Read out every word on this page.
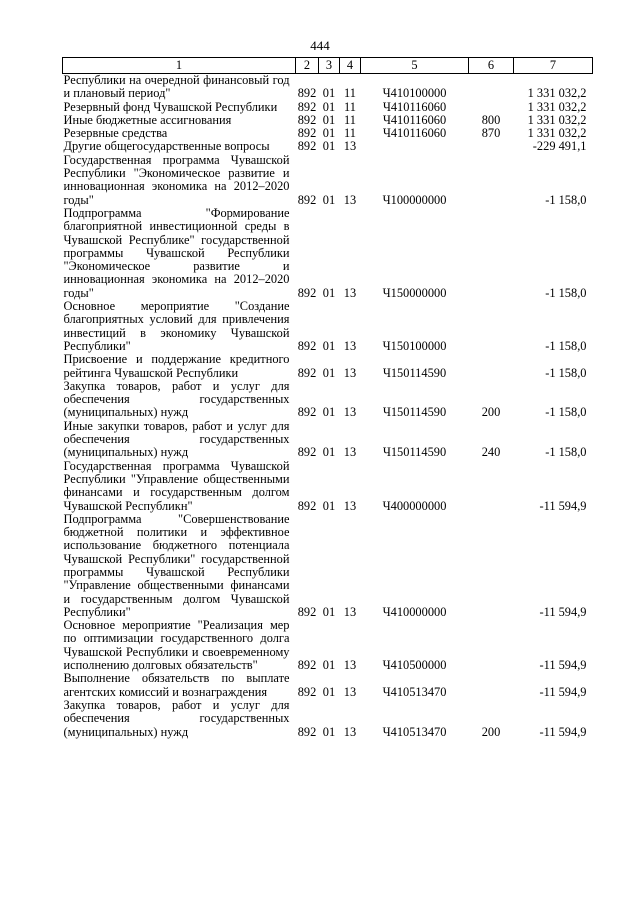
444
1	2	3	4	5	6	7
Республики на очередной финансовый год и плановый период"	892	01	11	Ч410100000		1 331 032,2
Резервный фонд Чувашской Республики	892	01	11	Ч410116060		1 331 032,2
Иные бюджетные ассигнования	892	01	11	Ч410116060	800	1 331 032,2
Резервные средства	892	01	11	Ч410116060	870	1 331 032,2
Другие общегосударственные вопросы	892	01	13			-229 491,1
Государственная программа Чувашской Республики "Экономическое развитие и инновационная экономика на 2012–2020 годы"	892	01	13	Ч100000000		-1 158,0
Подпрограмма "Формирование благоприятной инвестиционной среды в Чувашской Республике" государственной программы Чувашской Республики "Экономическое развитие и инновационная экономика на 2012–2020 годы"	892	01	13	Ч150000000		-1 158,0
Основное мероприятие "Создание благоприятных условий для привлечения инвестиций в экономику Чувашской Республики"	892	01	13	Ч150100000		-1 158,0
Присвоение и поддержание кредитного рейтинга Чувашской Республики	892	01	13	Ч150114590		-1 158,0
Закупка товаров, работ и услуг для обеспечения государственных (муниципальных) нужд	892	01	13	Ч150114590	200	-1 158,0
Иные закупки товаров, работ и услуг для обеспечения государственных (муниципальных) нужд	892	01	13	Ч150114590	240	-1 158,0
Государственная программа Чувашской Республики "Управление общественными финансами и государственным долгом Чувашской Республикн"	892	01	13	Ч400000000		-11 594,9
Подпрограмма "Совершенствование бюджетной политики и эффективное использование бюджетного потенциала Чувашской Республики" государственной программы Чувашской Республики "Управление общественными финансами и государственным долгом Чувашской Республики"	892	01	13	Ч410000000		-11 594,9
Основное мероприятие "Реализация мер по оптимизации государственного долга Чувашской Республики и своевременному исполнению долговых обязательств"	892	01	13	Ч410500000		-11 594,9
Выполнение обязательств по выплате агентских комиссий и вознаграждения	892	01	13	Ч410513470		-11 594,9
Закупка товаров, работ и услуг для обеспечения государственных (муниципальных) нужд	892	01	13	Ч410513470	200	-11 594,9
